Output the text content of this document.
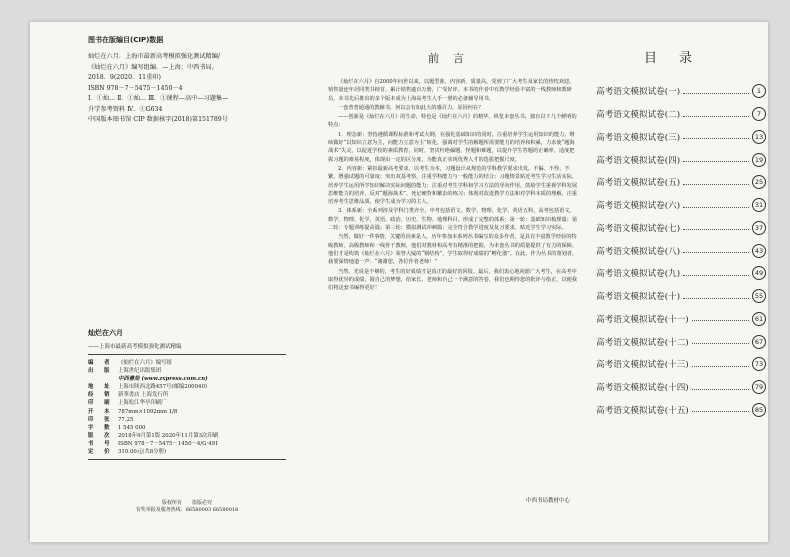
图书在版编目(CIP)数据
灿烂在六月．上海市最新高考模拟强化测试精编/
《灿烂在六月》编写组编．—上海：中西书局，
2018．9(2020．11重印)
ISBN 978－7－5475－1450－4
Ⅰ．①灿… Ⅱ．①灿… Ⅲ．①课程—高中—习题集—
升学参考资料 Ⅳ．①G634
中国版本图书馆 CIP 数据核字(2018)第151789号
灿烂在六月
——上海市最新高考模拟强化测试精编
编　　者	《灿烂在六月》编写组
出　　版	上海世纪出版集团
中西書局 (www.zxpress.com.cn)
地　　址	上海市陕西北路457号(邮编200040)
经　　销	新華書店 上海发行所
印　　刷	上海松江华亭印刷厂
开　　本	787mm×1092mm 1/8
印　　张	77.25
字　　数	1 545 000
版　　次	2018年9月第1版 2020年11月第3次印刷
书　　号	ISBN 978－7－5475－1450－4/G·491
定　　价	310.00元(共8分册)
版权所有　　盗版必究
有奖举报及服务热线：66580003 66580018
前言

《灿烂在六月》自2000年问世以来，以题型准、内容新、质量高，受到了广大考生及家长的热忱欢迎。销售量连年居同类书榜首，累计销售逾百万册，广受好评。本书的作者中有教学经验丰富的一线教师和教研员，本书先后推出的多个版本成为上海高考生人手一册的必备辅导用书。

一套普普通通的教辅书，何以会有如此大的感召力，原因何在？

——创新是《灿烂在六月》的生命，特色是《灿烂在六月》的精华。纵览本套丛书，独有以下几个鲜明的特点：

1．理念新：坚持遵循课程标准和考试大纲，在强化基础知识的同时，注重培养学生运用知识的能力，继续做好“以知识立意为主，向能力立意为主”转化，强调对学生的解题所需要能力的培养和积累，力求使“题海战术”失灵，以促进学校的素质教育。同时，坚决杜绝偏题、怪题和难题，以提升学生答题的正确率，适度把握习题的难易程度，体现由一定的区分度，为能真正实现优秀人才的选拔把握尺度。

2．内容新：紧扣最新高考要求，以考生为本，习题设计从规范的学科教学要求出发，不偏、不怪、不繁，增强试题的可靠度；突出双基考察，注重学科能力与一般能力的结合；习题情景贴近考生学习生活实际，培养学生运用所学知识解决实际问题的能力；注重对考生学科和学习方法的导向作用，鼓励学生重视学科发展思维能力的培养，反对“题海战术”、死记硬背和繁杂的练习；体现对改进教学方法和对学科本质的理解，注重培养考生思维品质，使学生成为学习的主人。

3．体系新：全系列涉及学科门类齐全，中考包括语文、数学、物理、化学、英语五科，高考包括语文、数学、物理、化学、英语、政治、历史、生物、地理科目。形成了完整的体系：第一轮：基础知识梳理篇；第二轮：专题训练提高篇；第三轮：模拟测试冲刺篇；完全符合教学进度及复习要求，贴近学生学习实际。

当然，做好一件事情，关键的因素是人。历年参加本系列丛书编写的众多作者，是具有丰富教学经验的特级教师、高级教师和一线骨干教师，他们对教材和高考有精准的把握，为本套丛书的质量提供了有力的保障。他们才是构筑《灿烂在六月》荣誉大厦的“钢结构”，学生取得好成绩的“孵化器”。在此，作为丛书的策划者，我要深情地道一声：“谢谢您，各位作者老师！”

当然，光说是不够的，考生的好成绩才是真正的最好的回报。最后，我们衷心地祝愿广大考生，在高考中取得优异的成绩，圆自己的梦想，给家长、老师和自己一个满意的答卷，我们也期待您的批评与指正，以便我们将这套书编得更好！

中西书局教材中心
目录
高考语文模拟试卷(一)	1
高考语文模拟试卷(二)	7
高考语文模拟试卷(三)	13
高考语文模拟试卷(四)	19
高考语文模拟试卷(五)	25
高考语文模拟试卷(六)	31
高考语文模拟试卷(七)	37
高考语文模拟试卷(八)	43
高考语文模拟试卷(九)	49
高考语文模拟试卷(十)	55
高考语文模拟试卷(十一)	61
高考语文模拟试卷(十二)	67
高考语文模拟试卷(十三)	73
高考语文模拟试卷(十四)	79
高考语文模拟试卷(十五)	85
